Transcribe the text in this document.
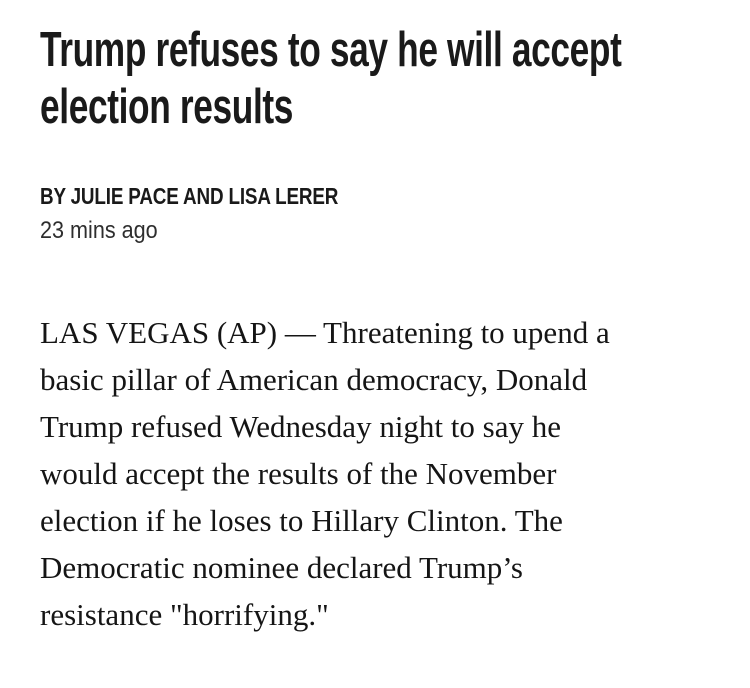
Trump refuses to say he will accept
election results

BY JULIE PACE AND LISA LERER

23 mins ago

LAS VEGAS (AP) — Threatening to upend a
basic pillar of American democracy, Donald
Trump refused Wednesday night to say he
would accept the results of the November
election if he loses to Hillary Clinton. The
Democratic nominee declared Trump’s
resistance "horrifying."
